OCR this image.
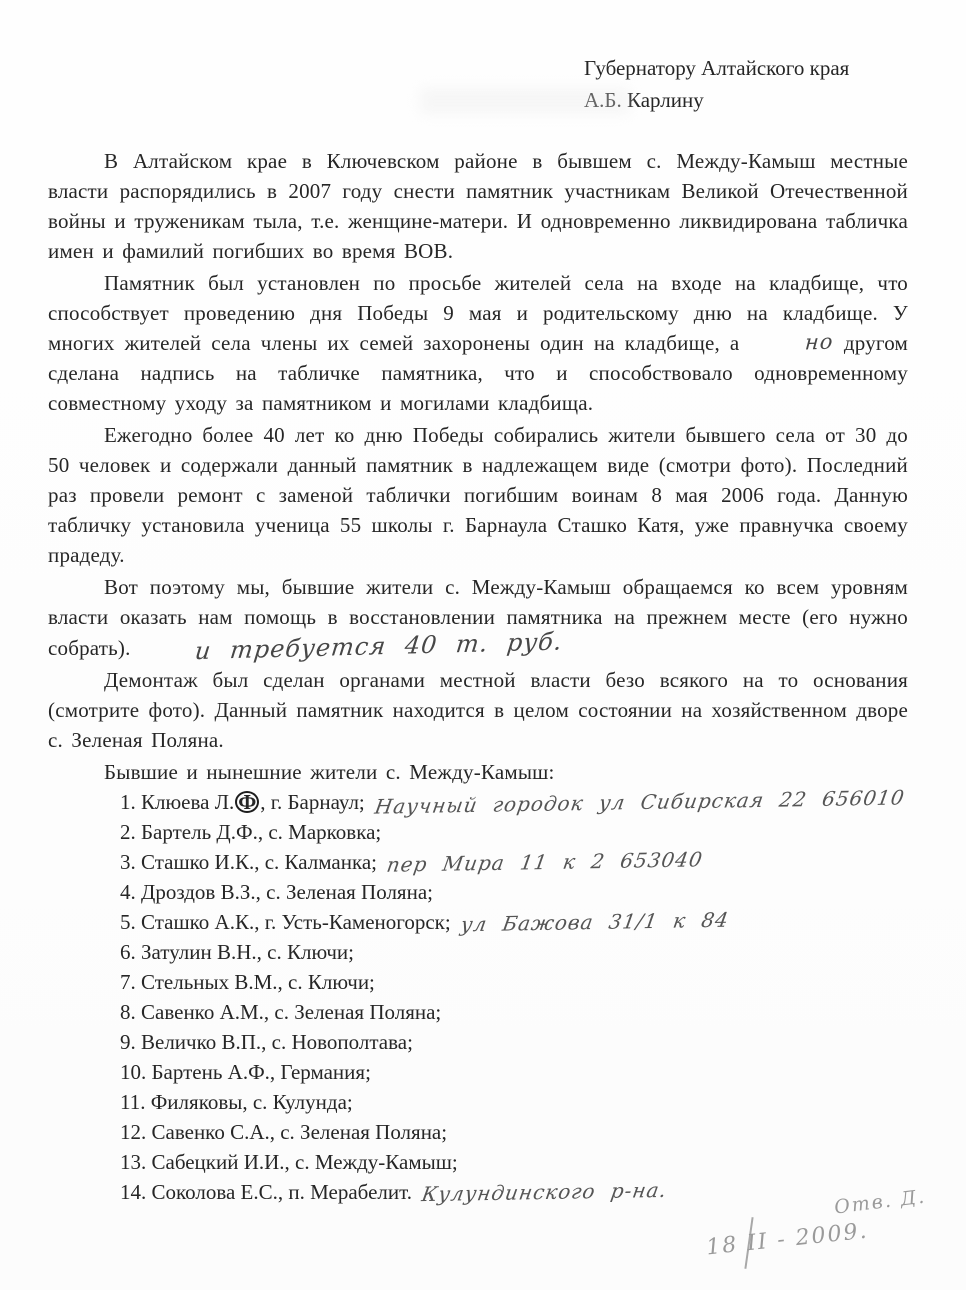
Губернатору Алтайского края
А.Б. Карлину

В Алтайском крае в Ключевском районе в бывшем с. Между-Камыш местные власти распорядились в 2007 году снести памятник участникам Великой Отечественной войны и труженикам тыла, т.е. женщине-матери. И одновременно ликвидирована табличка имен и фамилий погибших во время ВОВ.

Памятник был установлен по просьбе жителей села на входе на кладбище, что способствует проведению дня Победы 9 мая и родительскому дню на кладбище. У многих жителей села члены их семей захоронены один на кладбище, а	но другом сделана надпись на табличке памятника, что и способствовало одновременному совместному уходу за памятником и могилами кладбища.

Ежегодно более 40 лет ко дню Победы собирались жители бывшего села от 30 до 50 человек и содержали данный памятник в надлежащем виде (смотри фото). Последний раз провели ремонт с заменой таблички погибшим воинам 8 мая 2006 года. Данную табличку установила ученица 55 школы г. Барнаула Сташко Катя, уже правнучка своему прадеду.

Вот поэтому мы, бывшие жители с. Между-Камыш обращаемся ко всем уровням власти оказать нам помощь в восстановлении памятника на прежнем месте (его нужно собрать).	и требуется 40 т. руб.

Демонтаж был сделан органами местной власти безо всякого на то основания (смотрите фото). Данный памятник находится в целом состоянии на хозяйственном дворе с. Зеленая Поляна.

Бывшие и нынешние жители с. Между-Камыш:

1. Клюева Л. Ф , г. Барнаул; Научный городок ул Сибирская 22 656010
2. Бартель Д.Ф., с. Марковка;
3. Сташко И.К., с. Калманка; пер Мира 11 к 2 653040
4. Дроздов В.З., с. Зеленая Поляна;
5. Сташко А.К., г. Усть-Каменогорск; ул Бажова 31/1 к 84
6. Затулин В.Н., с. Ключи;
7. Стельных В.М., с. Ключи;
8. Савенко А.М., с. Зеленая Поляна;
9. Величко В.П., с. Новополтава;
10. Бартень А.Ф., Германия;
11. Филяковы, с. Кулунда;
12. Савенко С.А., с. Зеленая Поляна;
13. Сабецкий И.И., с. Между-Камыш;
14. Соколова Е.С., п. Мерабелит. Кулундинского р-на.	Отв. Д.
18 II - 2009.
